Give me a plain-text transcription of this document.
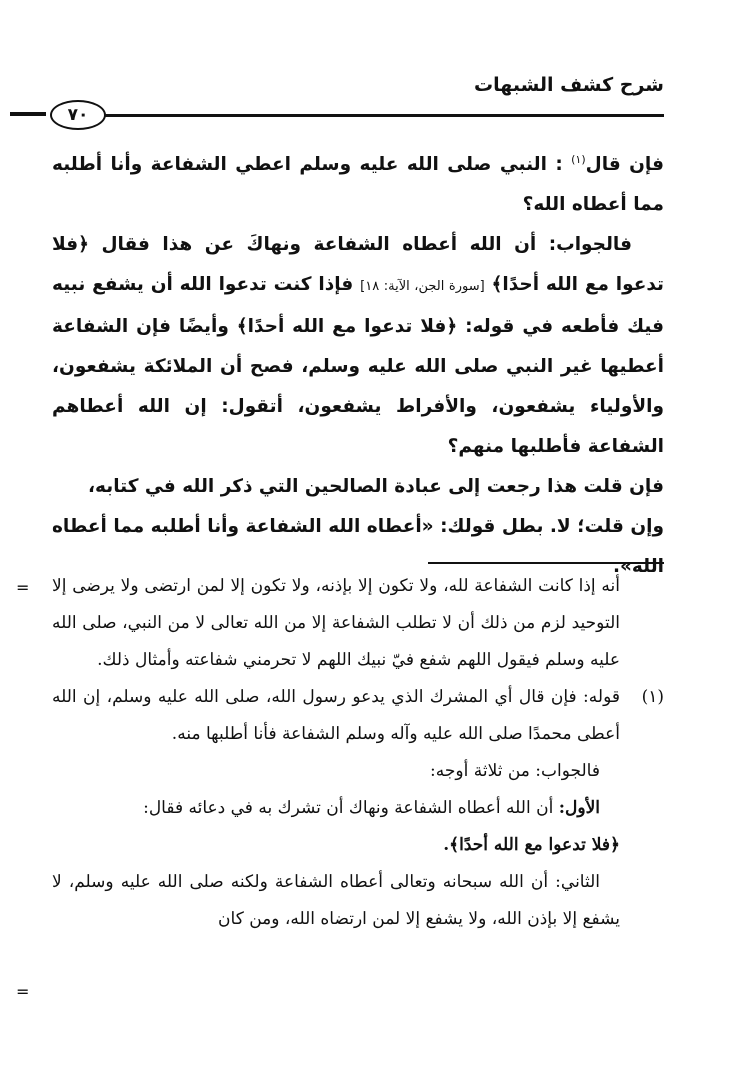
شرح كشف الشبهات
٧٠

فإن قال$^{(١)}$ : النبي صلى الله عليه وسلم اعطي الشفاعة وأنا أطلبه مما أعطاه الله؟

فالجواب: أن الله أعطاه الشفاعة ونهاكَ عن هذا فقال ﴿فلا تدعوا مع الله أحدًا﴾ [سورة الجن، الآية: ١٨] فإذا كنت تدعوا الله أن يشفع نبيه فيك فأطعه في قوله: ﴿فلا تدعوا مع الله أحدًا﴾ وأيضًا فإن الشفاعة أعطيها غير النبي صلى الله عليه وسلم، فصح أن الملائكة يشفعون، والأولياء يشفعون، والأفراط يشفعون، أتقول: إن الله أعطاهم الشفاعة فأطلبها منهم؟

فإن قلت هذا رجعت إلى عبادة الصالحين التي ذكر الله في كتابه،

وإن قلت؛ لا. بطل قولك: «أعطاه الله الشفاعة وأنا أطلبه مما أعطاه الله».

=
=

أنه إذا كانت الشفاعة لله، ولا تكون إلا بإذنه، ولا تكون إلا لمن ارتضى ولا يرضى إلا التوحيد لزم من ذلك أن لا تطلب الشفاعة إلا من الله تعالى لا من النبي، صلى الله عليه وسلم فيقول اللهم شفع فيّ نبيك اللهم لا تحرمني شفاعته وأمثال ذلك.

(١)
قوله: فإن قال أي المشرك الذي يدعو رسول الله، صلى الله عليه وسلم، إن الله أعطى محمدًا صلى الله عليه وآله وسلم الشفاعة فأنا أطلبها منه.

فالجواب: من ثلاثة أوجه:

الأول: أن الله أعطاه الشفاعة ونهاك أن تشرك به في دعائه فقال:

﴿فلا تدعوا مع الله أحدًا﴾.

الثاني: أن الله سبحانه وتعالى أعطاه الشفاعة ولكنه صلى الله عليه وسلم، لا يشفع إلا بإذن الله، ولا يشفع إلا لمن ارتضاه الله، ومن كان
